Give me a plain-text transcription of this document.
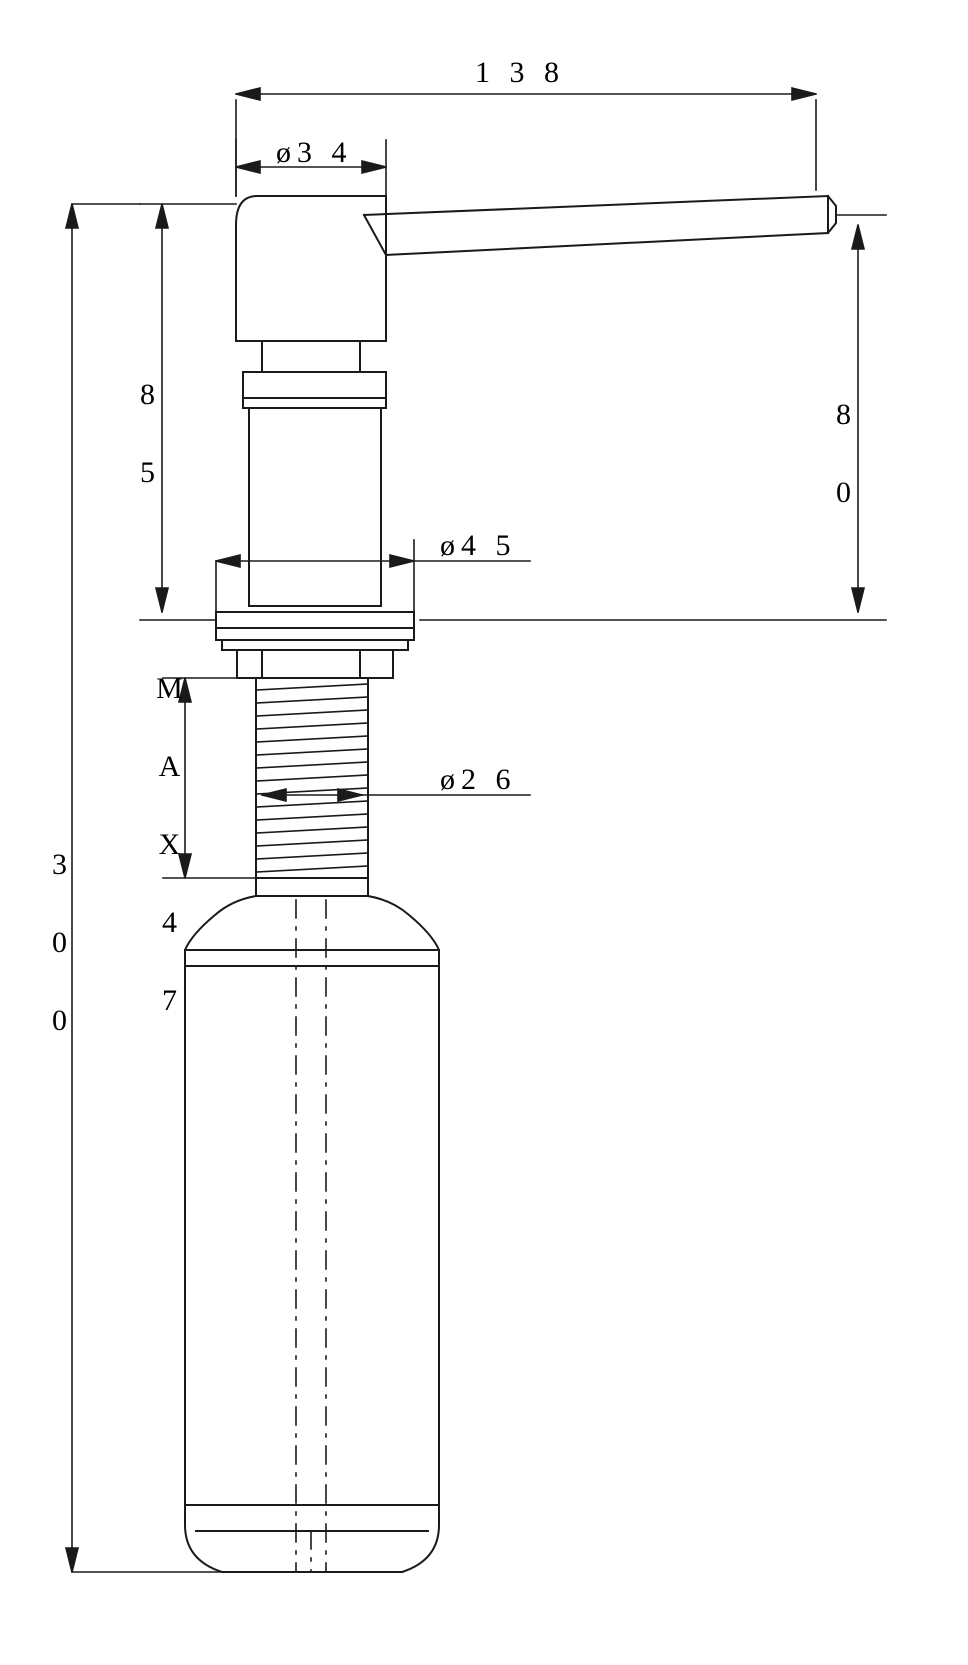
1 3 8
ø3 4
8 0
8 5
ø4 5
ø2 6
M A X 4 7
3 0 0
